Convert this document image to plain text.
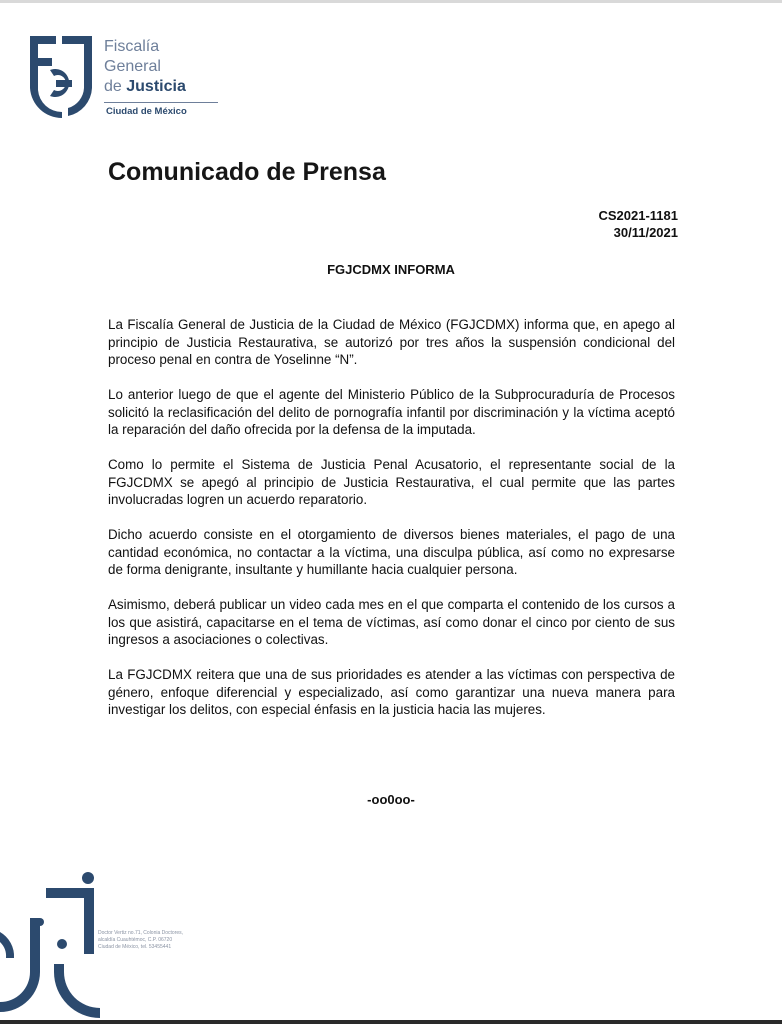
Fiscalía
General
de Justicia
Ciudad de México
Comunicado de Prensa
CS2021-1181
30/11/2021
FGJCDMX INFORMA

La Fiscalía General de Justicia de la Ciudad de México (FGJCDMX) informa que, en apego al principio de Justicia Restaurativa, se autorizó por tres años la suspensión condicional del proceso penal en contra de Yoselinne “N”.

Lo anterior luego de que el agente del Ministerio Público de la Subprocuraduría de Procesos solicitó la reclasificación del delito de pornografía infantil por discriminación y la víctima aceptó la reparación del daño ofrecida por la defensa de la imputada.

Como lo permite el Sistema de Justicia Penal Acusatorio, el representante social de la FGJCDMX se apegó al principio de Justicia Restaurativa, el cual permite que las partes involucradas logren un acuerdo reparatorio.

Dicho acuerdo consiste en el otorgamiento de diversos bienes materiales, el pago de una cantidad económica, no contactar a la víctima, una disculpa pública, así como no expresarse de forma denigrante, insultante y humillante hacia cualquier persona.

Asimismo, deberá publicar un video cada mes en el que comparta el contenido de los cursos a los que asistirá, capacitarse en el tema de víctimas, así como donar el cinco por ciento de sus ingresos a asociaciones o colectivas.

La FGJCDMX reitera que una de sus prioridades es atender a las víctimas con perspectiva de género, enfoque diferencial y especializado, así como garantizar una nueva manera para investigar los delitos, con especial énfasis en la justicia hacia las mujeres.

-oo0oo-
Doctor Vertiz no.71, Colonia Doctores,
alcaldía Cuauhtémoc, C.P. 06720
Ciudad de México, tel. 53455441
